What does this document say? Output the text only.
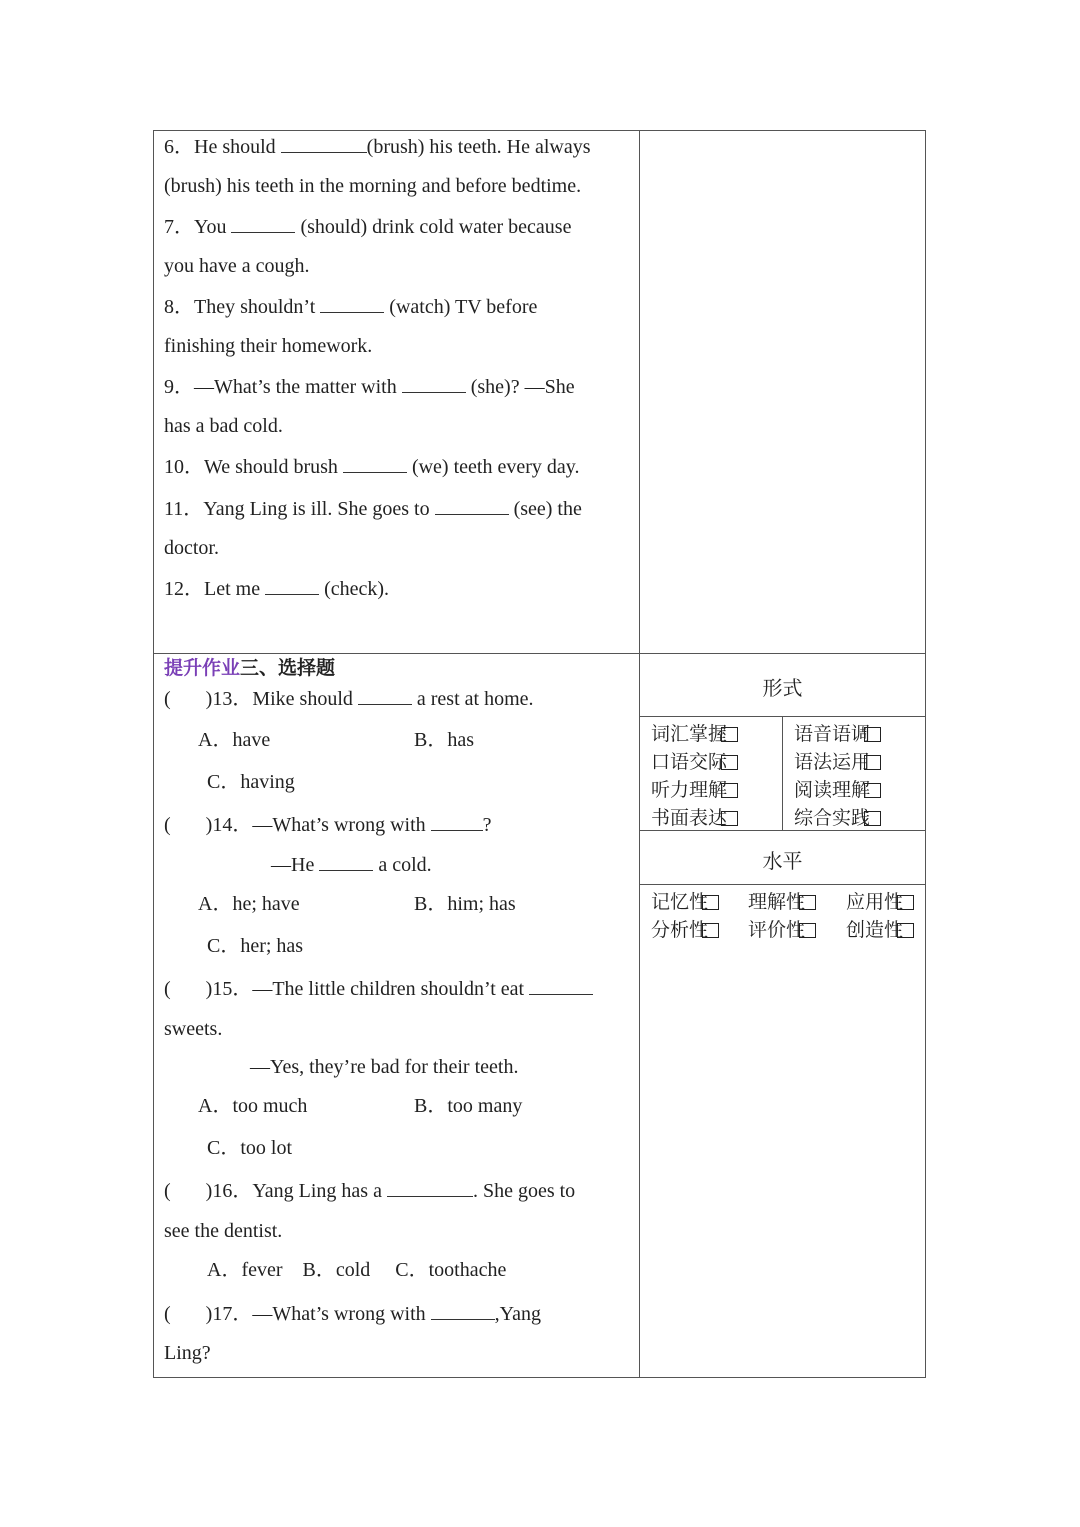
6．He should	(brush) his teeth. He always
(brush) his teeth in the morning and before bedtime.
7．You	(should) drink cold water because
you have a cough.
8．They shouldn’t	(watch) TV before
finishing their homework.
9．—What’s the matter with	(she)? —She
has a bad cold.
10．We should brush	(we) teeth every day.
11．Yang Ling is ill. She goes to	(see) the
doctor.
12．Let me	(check).
提升作业三、选择题
(       )13．Mike should	a rest at home.
A．have	B．has
C．having
(       )14．—What’s wrong with	?
—He	a cold.
A．he; have	B．him; has
C．her; has
(       )15．—The little children shouldn’t eat
sweets.
—Yes, they’re bad for their teeth.
A．too much	B．too many
C．too lot
(       )16．Yang Ling has a	. She goes to
see the dentist.
A．fever    B．cold     C．toothache
(       )17．—What’s wrong with	,Yang
Ling?
形式
水平
词汇掌握	语音语调
口语交际	语法运用
听力理解	阅读理解
书面表达	综合实践
记忆性	理解性	应用性
分析性	评价性	创造性
